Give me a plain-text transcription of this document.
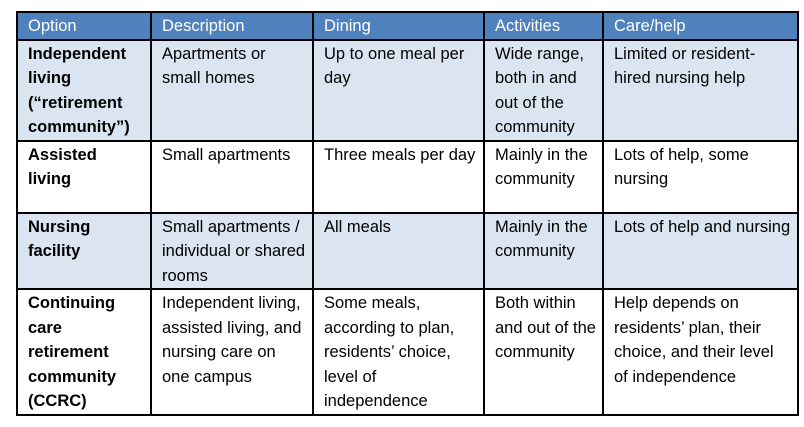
Option	Description	Dining	Activities	Care/help
Independent living (“retirement community”)	Apartments or small homes	Up to one meal per day	Wide range, both in and out of the community	Limited or resident-hired nursing help
Assisted living	Small apartments	Three meals per day	Mainly in the community	Lots of help, some nursing
Nursing facility	Small apartments / individual or shared rooms	All meals	Mainly in the community	Lots of help and nursing
Continuing care retirement community (CCRC)	Independent living, assisted living, and nursing care on one campus	Some meals, according to plan, residents’ choice, level of independence	Both within and out of the community	Help depends on residents’ plan, their choice, and their level of independence
